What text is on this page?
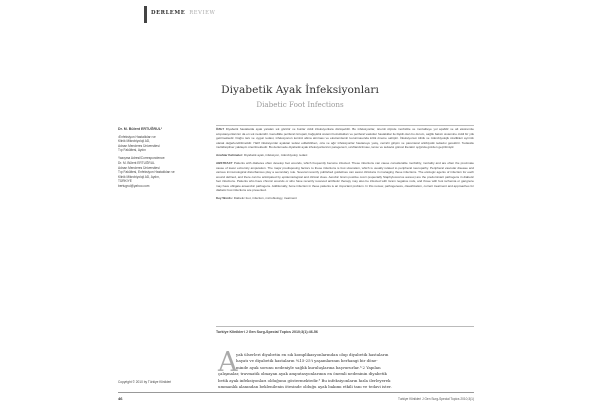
DERLEME REVIEW
Diyabetik Ayak İnfeksiyonları
Diabetic Foot Infections
Dr. M. Bülent ERTUĞRUL¹
¹Enfeksiyon Hastalıkları ve
Klinik Mikrobiyoloji AD,
Adnan Menderes Üniversitesi
Tıp Fakültesi, Aydın
Yazışma Adresi/Correspondence:
Dr. M. Bülent ERTUĞRUL
Adnan Menderes Üniversitesi
Tıp Fakültesi, Enfeksiyon Hastalıkları ve
Klinik Mikrobiyoloji AD, Aydın,
TÜRKİYE
bertugrul@yahoo.com

ÖZET Diyabetik hastalarda ayak yaraları sık görülür ve bunlar ciddi infeksiyonlara dönüşebilir. Bu infeksiyonlar, önemli ölçüde morbidite ve mortaliteye yol açabilir ve alt ekstremite amputasyonlarının da en sık nedenidir. Genellikle periferal nöropati, bağışıklık sistemi bozuklukları ve periferal vasküler hastalıklar ile ilişkili olan bu durum, sağlık bakım sistemine ciddi bir yük getirmektedir. Doğru tanı ve uygun tedavi, infeksiyonun kontrol altına alınması ve ekstremitenin korunmasında kritik öneme sahiptir. İnfeksiyonun klinik ve mikrobiyolojik özellikleri ayrıntılı olarak değerlendirilmelidir. Hafif infeksiyonlar ayaktan tedavi edilebilirken, orta ve ağır infeksiyonlar hastaneye yatış, cerrahi girişim ve parenteral antibiyotik tedavisi gerektirir. Tedavide multidisipliner yaklaşım önerilmektedir. Bu derlemede diyabetik ayak infeksiyonlarının patogenezi, sınıflandırılması, tanısı ve tedavisi güncel literatür ışığında gözden geçirilmiştir.

Anahtar Kelimeler: Diyabetik ayak, infeksiyon, mikrobiyoloji, tedavi

ABSTRACT Patients with diabetes often develop foot wounds, which frequently become infected. These infections can cause considerable morbidity, mortality and are often the proximate cause of lower extremity amputation. The major predisposing factors to these infections is foot ulceration, which is usually related to peripheral neuropathy. Peripheral vascular disease and various immunological disturbances play a secondary role. Several recently published guidelines can assist clinicians in managing these infections. The etiologic agents of infection for each wound defined, and there can be anticipated by epidemiological and clinical clues. Aerobic Gram positive cocci (especially Staphylococcus aureus) are the predominant pathogens in diabetic foot infections. Patients who have chronic wounds or who have recently received antibiotic therapy may also be infected with Gram negative rods, and those with foot ischemia or gangrene may have obligate anaerobic pathogens. Additionally, bone infection in these patients is an important problem. In this review, pathogenesis, classification, current treatment and approaches for diabetic foot infections are presented.

Key Words: Diabetic foot, infection, microbiology, treatment

Turkiye Klinikleri J Gen Surg-Special Topics 2010;3(1):46-56
A
yak ülserleri diyabetin en sık komplikasyonlarından olup diyabetik hastaların
hayatı ve diyabetik hastaların %15-25'i yaşamlarının herhangi bir döne-
minde ayak sorunu nedeniyle sağlık kuruluşlarına başvururlar.¹˒2 Yapılan
çalışmalar, travmatik olmayan ayak amputasyonlarının en önemli nedeninin diyabetik
betik ayak infeksiyonları olduğunu göstermektedir.³ Bu infeksiyonların hızla ilerleyerek
ummanlık alanından beklenilenin ötesinde olduğu ayak bakımı etkili tanı ve tedavi ister.
Copyright © 2010 by Türkiye Klinikleri
46	Turkiye Klinikleri J Gen Surg-Special Topics 2010;3(1)
